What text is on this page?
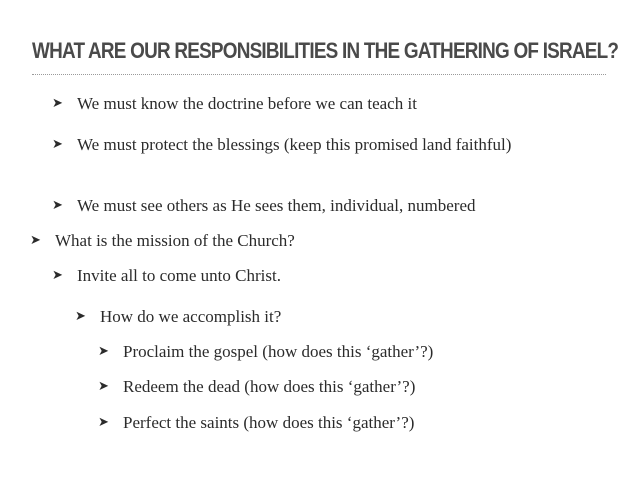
WHAT ARE OUR RESPONSIBILITIES IN THE GATHERING OF ISRAEL?
➤ We must know the doctrine before we can teach it
➤ We must protect the blessings (keep this promised land faithful)
➤ We must see others as He sees them, individual, numbered
➤ What is the mission of the Church?
➤ Invite all to come unto Christ.
➤ How do we accomplish it?
➤ Proclaim the gospel (how does this ‘gather’?)
➤ Redeem the dead (how does this ‘gather’?)
➤ Perfect the saints (how does this ‘gather’?)
